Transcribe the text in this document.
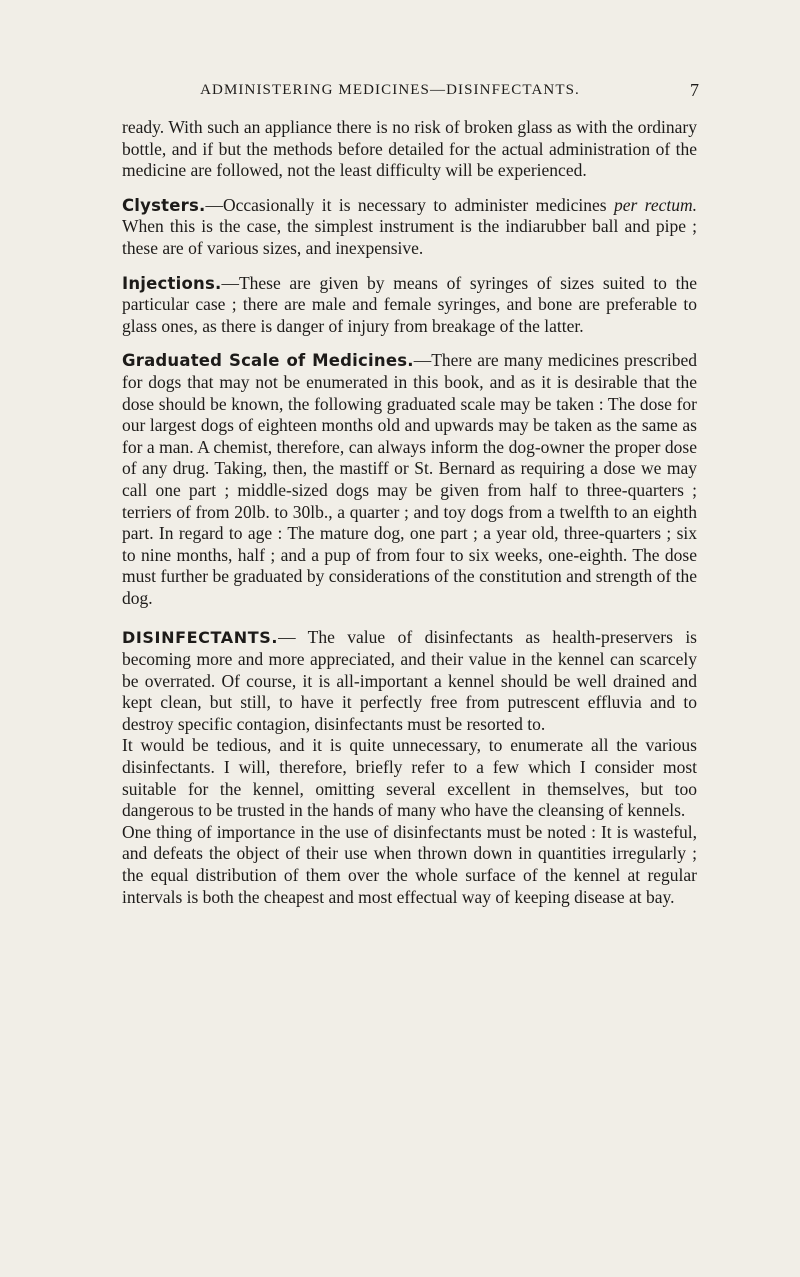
ADMINISTERING MEDICINES—DISINFECTANTS.	7

ready. With such an appliance there is no risk of broken glass as with the ordinary bottle, and if but the methods before detailed for the actual administration of the medicine are followed, not the least difficulty will be experienced.

Clysters.—Occasionally it is necessary to administer medicines per rectum. When this is the case, the simplest instrument is the indiarubber ball and pipe ; these are of various sizes, and inexpensive.

Injections.—These are given by means of syringes of sizes suited to the particular case ; there are male and female syringes, and bone are preferable to glass ones, as there is danger of injury from breakage of the latter.

Graduated Scale of Medicines.—There are many medicines prescribed for dogs that may not be enumerated in this book, and as it is desirable that the dose should be known, the following graduated scale may be taken : The dose for our largest dogs of eighteen months old and upwards may be taken as the same as for a man. A chemist, therefore, can always inform the dog-owner the proper dose of any drug. Taking, then, the mastiff or St. Bernard as requiring a dose we may call one part ; middle-sized dogs may be given from half to three-quarters ; terriers of from 20lb. to 30lb., a quarter ; and toy dogs from a twelfth to an eighth part. In regard to age : The mature dog, one part ; a year old, three-quarters ; six to nine months, half ; and a pup of from four to six weeks, one-eighth. The dose must further be graduated by considerations of the constitution and strength of the dog.

DISINFECTANTS.— The value of disinfectants as health-preservers is becoming more and more appreciated, and their value in the kennel can scarcely be overrated. Of course, it is all-important a kennel should be well drained and kept clean, but still, to have it perfectly free from putrescent effluvia and to destroy specific contagion, disinfectants must be resorted to.

It would be tedious, and it is quite unnecessary, to enumerate all the various disinfectants. I will, therefore, briefly refer to a few which I consider most suitable for the kennel, omitting several excellent in themselves, but too dangerous to be trusted in the hands of many who have the cleansing of kennels.

One thing of importance in the use of disinfectants must be noted : It is wasteful, and defeats the object of their use when thrown down in quantities irregularly ; the equal distribution of them over the whole surface of the kennel at regular intervals is both the cheapest and most effectual way of keeping disease at bay.
